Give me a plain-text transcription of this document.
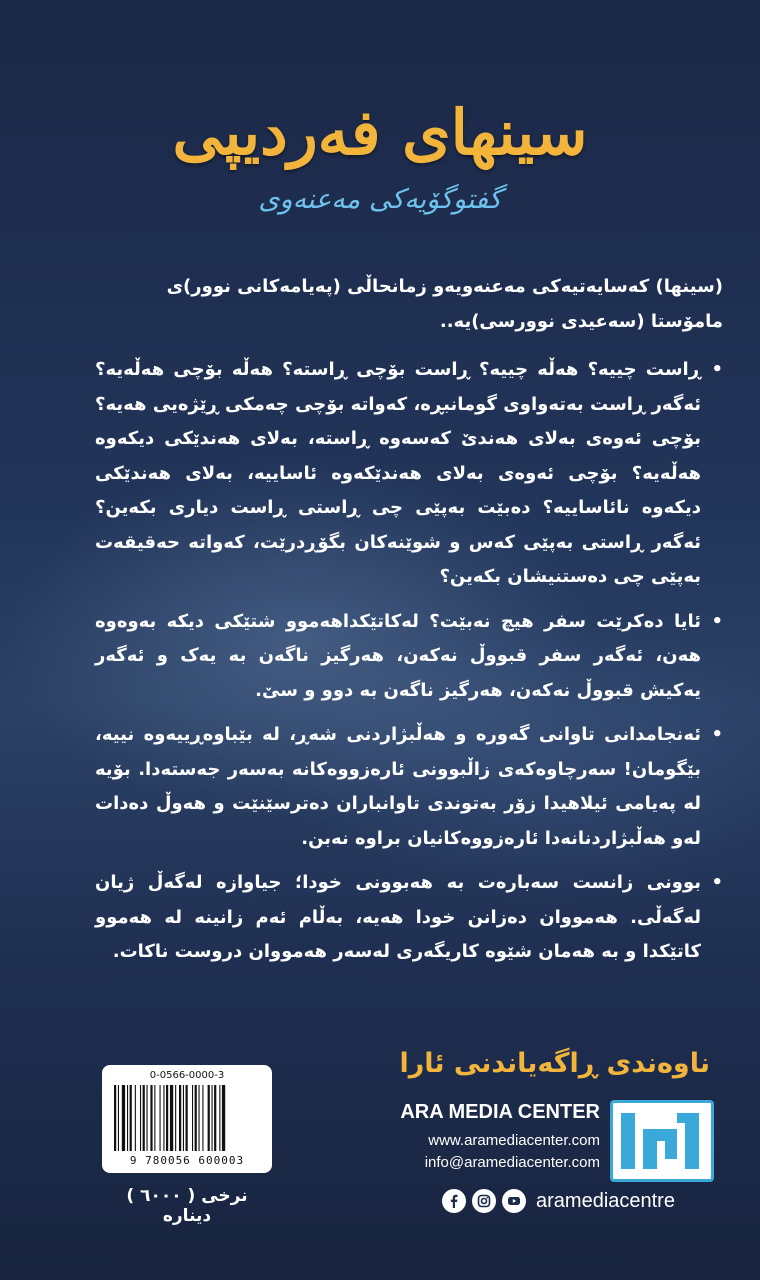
سینهای فەردیپی
گفتوگۆیەکی مەعنەوی

(سینها) کەسایەتیەکی مەعنەویەو زمانحاڵی (پەیامەکانی نوور)ی مامۆستا (سەعیدی نوورسی)یە..

•
ڕاست چییە؟ هەڵە چییە؟ ڕاست بۆچی ڕاستە؟ هەڵە بۆچی هەڵەیە؟ ئەگەر ڕاست بەتەواوی گومانبڕە، کەواتە بۆچی چەمکی ڕێژەیی هەیە؟ بۆچی ئەوەی بەلای هەندێ کەسەوە ڕاستە، بەلای هەندێکی دیکەوە هەڵەیە؟ بۆچی ئەوەی بەلای هەندێکەوە ئاساییە، بەلای هەندێکی دیکەوە نائاساییە؟ دەبێت بەپێی چی ڕاستی ڕاست دیاری بکەین؟ ئەگەر ڕاستی بەپێی کەس و شوێنەکان بگۆڕدرێت، کەواتە حەقیقەت بەپێی چی دەستنیشان بکەین؟
•
ئایا دەکرێت سفر هیچ نەبێت؟ لەکاتێکداهەموو شتێکی دیکە بەوەوە هەن، ئەگەر سفر قبووڵ نەکەن، هەرگیز ناگەن بە یەک و ئەگەر یەکیش قبووڵ نەکەن، هەرگیز ناگەن بە دوو و سێ.
•
ئەنجامدانی تاوانی گەورە و هەڵبژاردنی شەڕ، لە بێباوەڕییەوە نییە، بێگومان! سەرچاوەکەی زاڵبوونی ئارەزووەکانە بەسەر جەستەدا. بۆیە لە پەیامی ئیلاهیدا زۆر بەتوندی تاوانباران دەترسێنێت و هەوڵ دەدات لەو هەڵبژاردنانەدا ئارەزووەکانیان براوە نەبن.
•
بوونی زانست سەبارەت بە هەبوونی خودا؛ جیاوازە لەگەڵ ژیان لەگەڵی. هەمووان دەزانن خودا هەیە، بەڵام ئەم زانینە لە هەموو کاتێکدا و بە هەمان شێوە کاریگەری لەسەر هەمووان دروست ناکات.
0-0566-0000-3
9 780056 600003
نرخی ( ٦٠٠٠ ) دینارە
ناوەندی ڕاگەیاندنی ئارا
ARA MEDIA CENTER
www.aramediacenter.com
info@aramediacenter.com
aramediacentre
